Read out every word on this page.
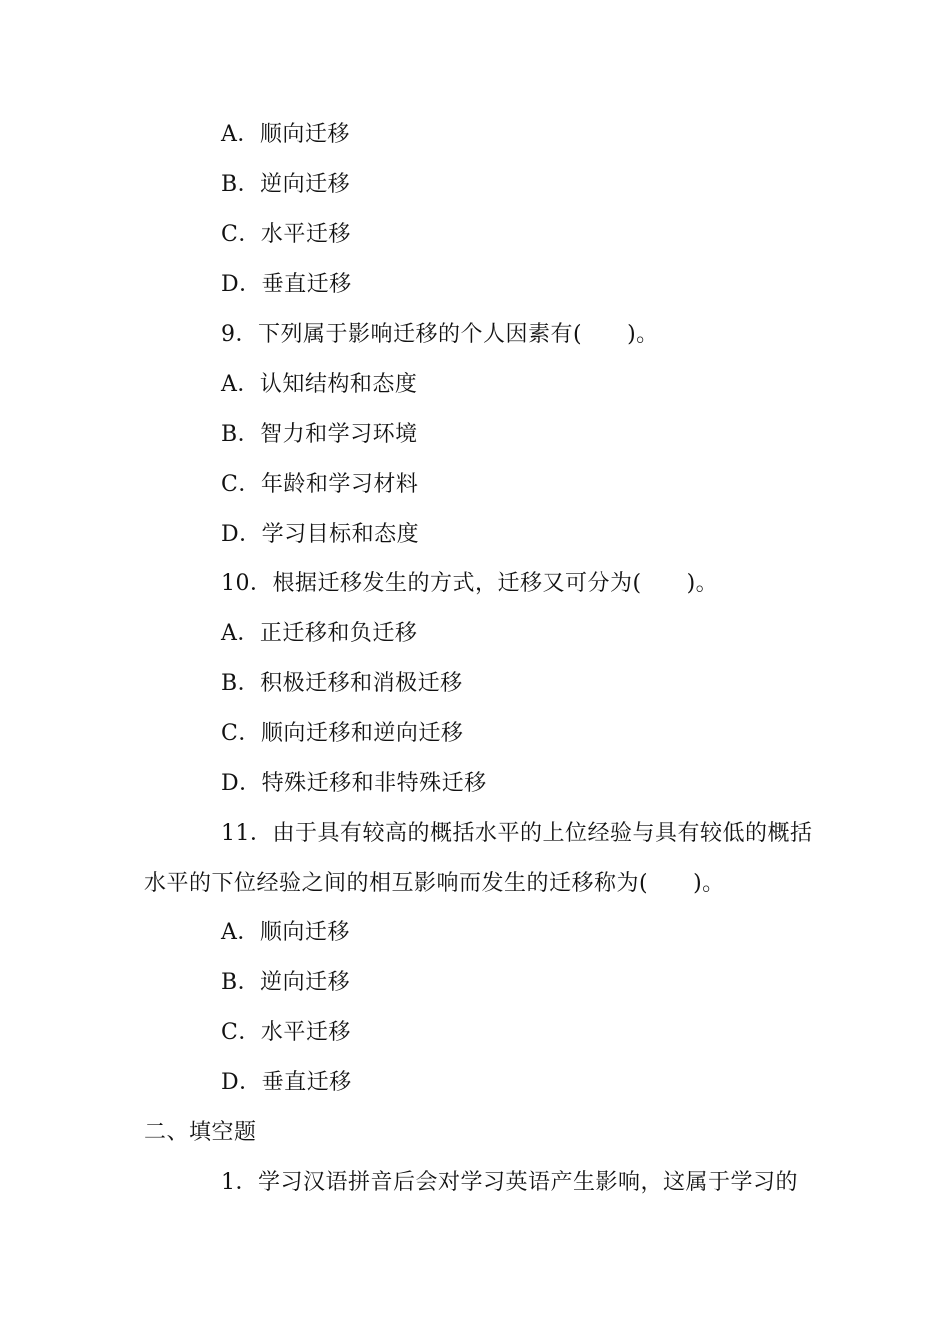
A．顺向迁移
B．逆向迁移
C．水平迁移
D．垂直迁移
9．下列属于影响迁移的个人因素有(　　)。
A．认知结构和态度
B．智力和学习环境
C．年龄和学习材料
D．学习目标和态度
10．根据迁移发生的方式，迁移又可分为(　　)。
A．正迁移和负迁移
B．积极迁移和消极迁移
C．顺向迁移和逆向迁移
D．特殊迁移和非特殊迁移
11．由于具有较高的概括水平的上位经验与具有较低的概括
水平的下位经验之间的相互影响而发生的迁移称为(　　)。
A．顺向迁移
B．逆向迁移
C．水平迁移
D．垂直迁移
二、填空题
1．学习汉语拼音后会对学习英语产生影响，这属于学习的
